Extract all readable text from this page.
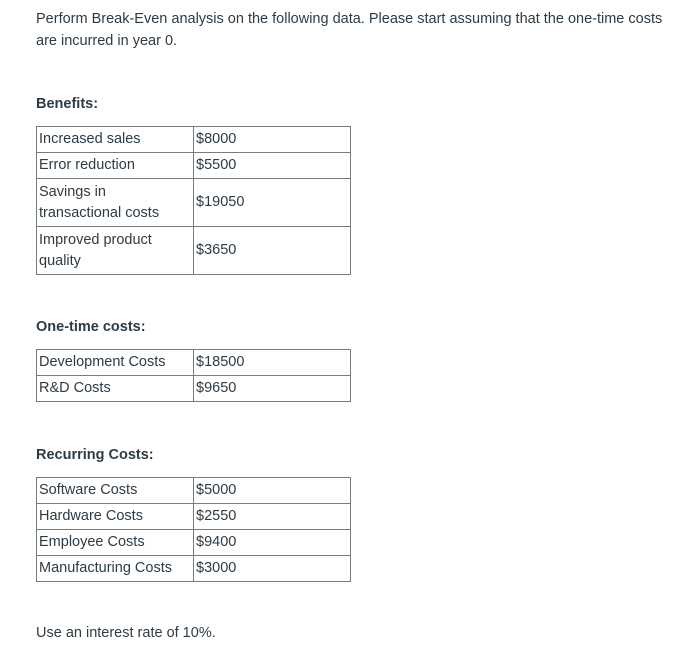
Perform Break-Even analysis on the following data. Please start assuming that the one-time costs are incurred in year 0.

Benefits:
Increased sales	$8000
Error reduction	$5500
Savings in transactional costs	$19050
Improved product quality	$3650
One-time costs:
Development Costs	$18500
R&D Costs	$9650
Recurring Costs:
Software Costs	$5000
Hardware Costs	$2550
Employee Costs	$9400
Manufacturing Costs	$3000
Use an interest rate of 10%.
